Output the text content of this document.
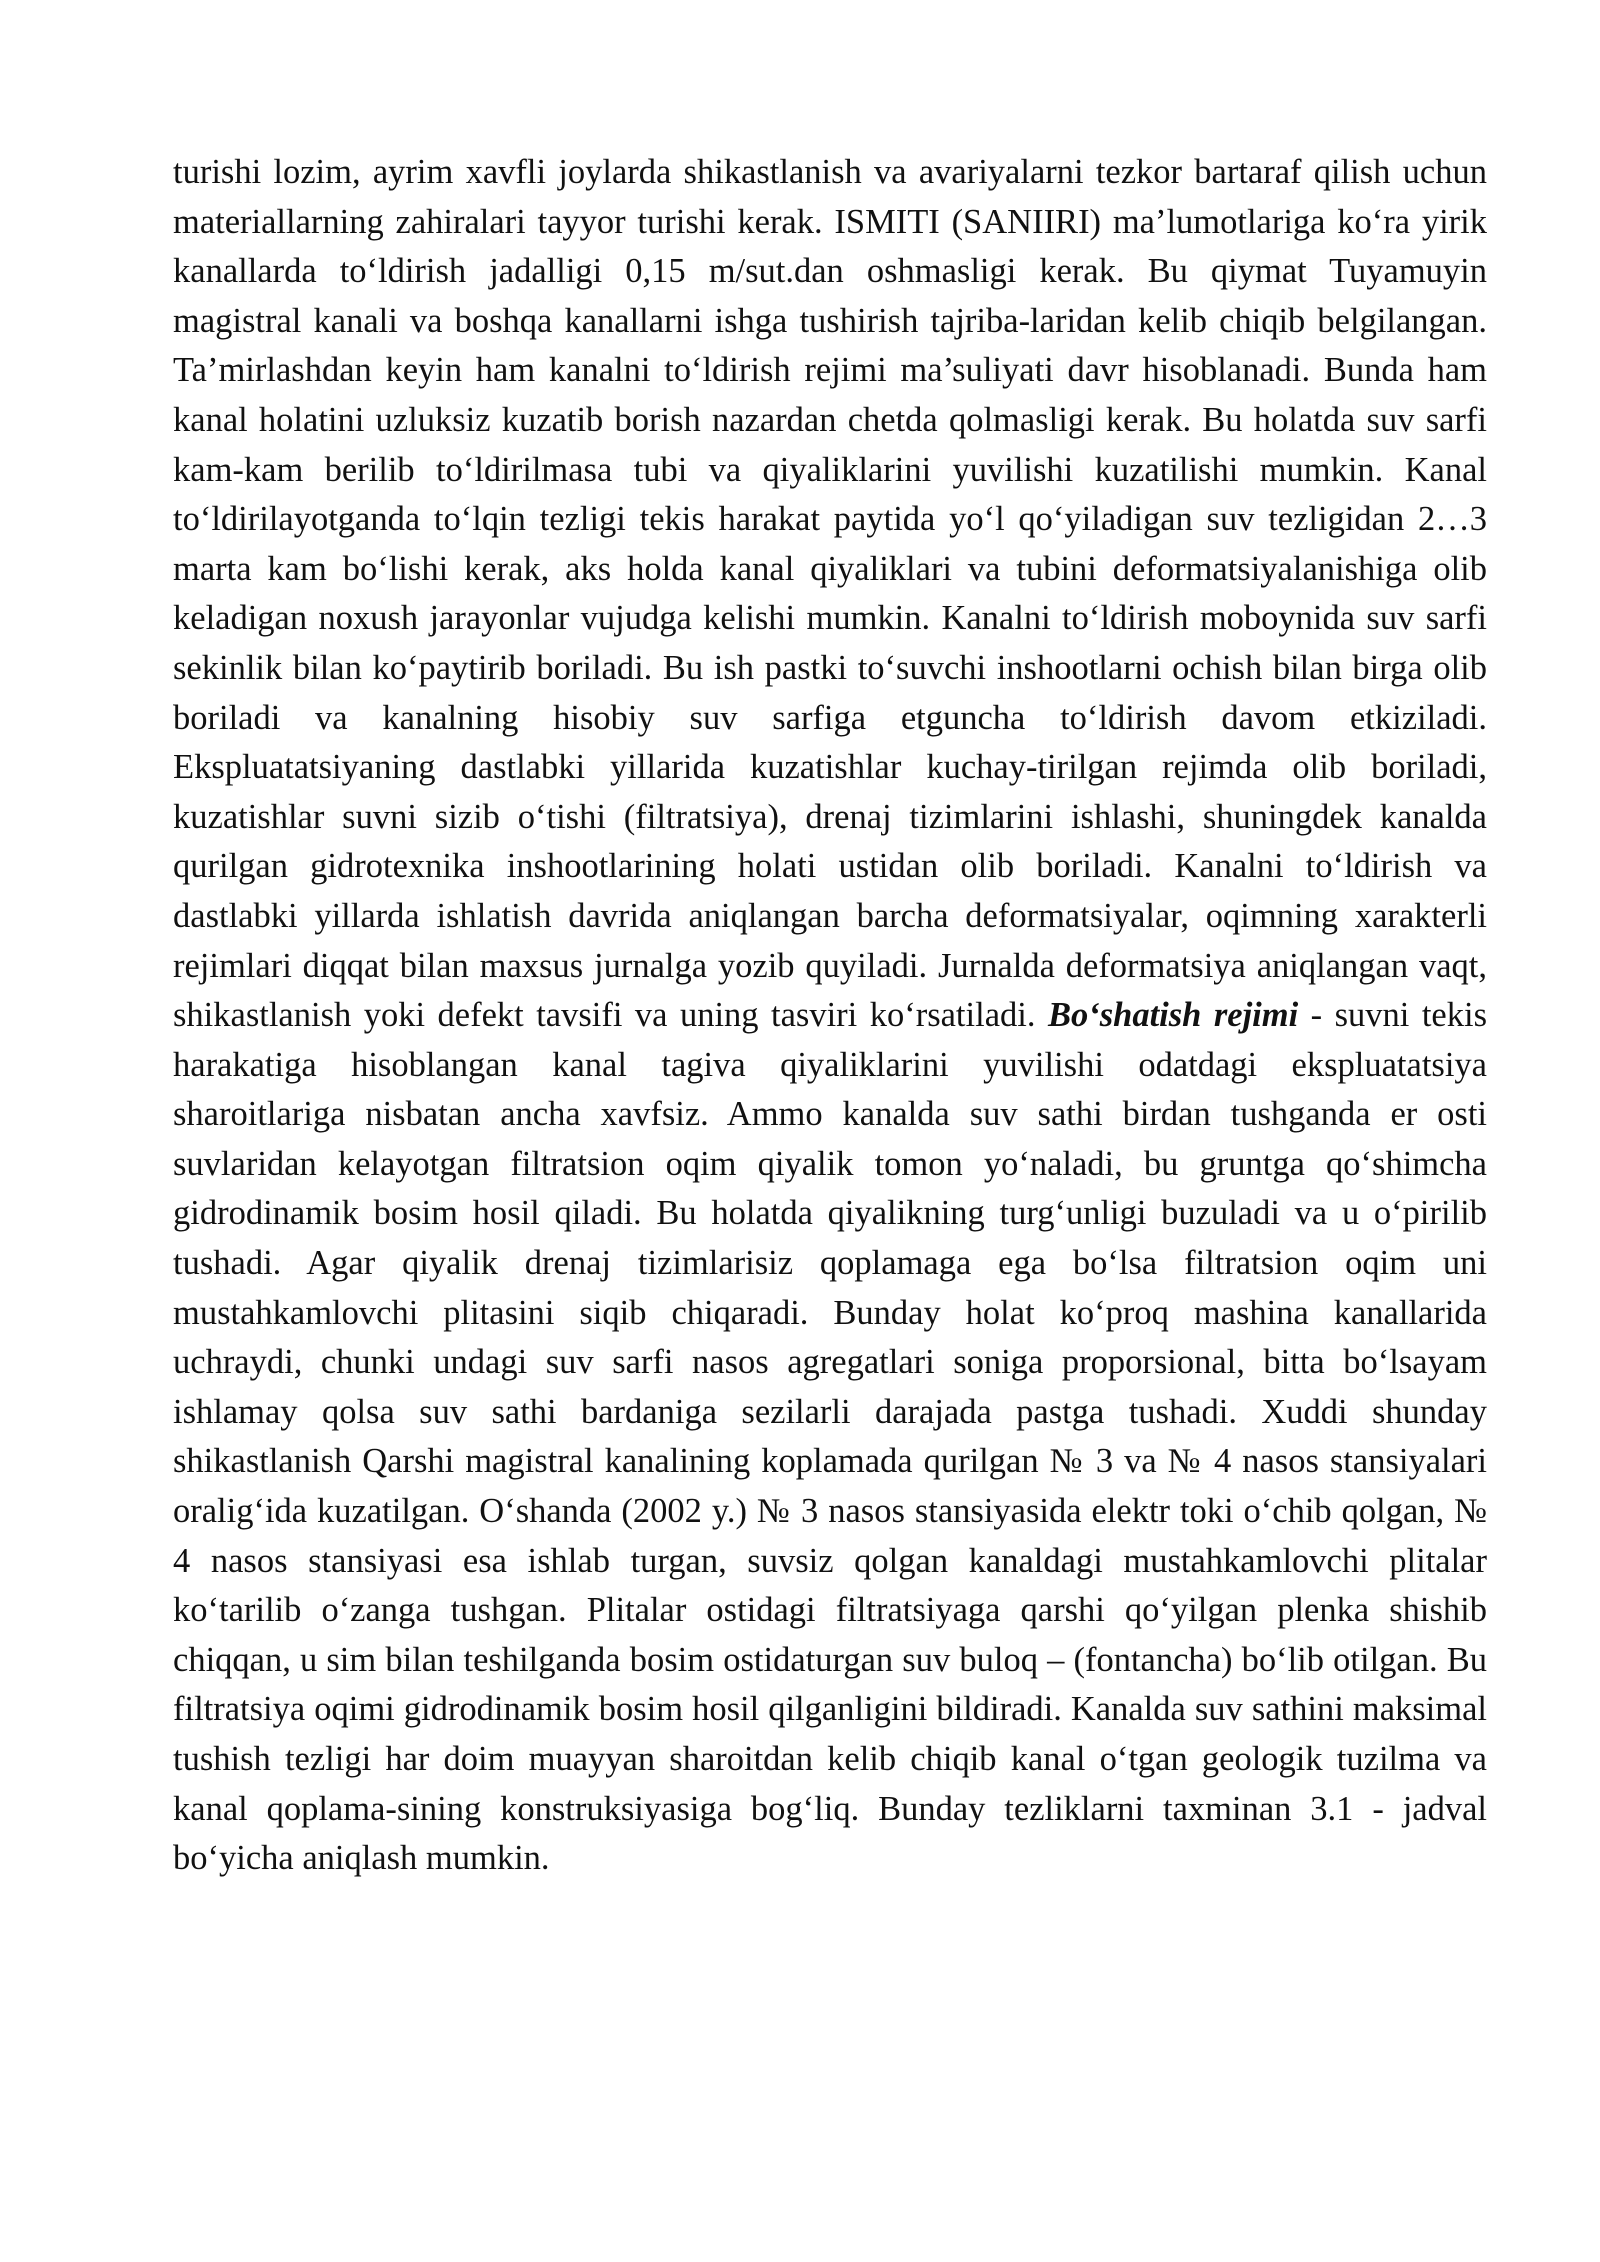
turishi lozim, ayrim xavfli joylarda shikastlanish va avariyalarni tezkor bartaraf qilish uchun materiallarning zahiralari tayyor turishi kerak. ISMITI (SANIIRI) ma’lumotlariga ko‘ra yirik kanallarda to‘ldirish jadalligi 0,15 m/sut.dan oshmasligi kerak. Bu qiymat Tuyamuyin magistral kanali va boshqa kanallarni ishga tushirish tajriba-laridan kelib chiqib belgilangan. Ta’mirlashdan keyin ham kanalni to‘ldirish rejimi ma’suliyati davr hisoblanadi. Bunda ham kanal holatini uzluksiz kuzatib borish nazardan chetda qolmasligi kerak. Bu holatda suv sarfi kam-kam berilib to‘ldirilmasa tubi va qiyaliklarini yuvilishi kuzatilishi mumkin. Kanal to‘ldirilayotganda to‘lqin tezligi tekis harakat paytida yo‘l qo‘yiladigan suv tezligidan 2…3 marta kam bo‘lishi kerak, aks holda kanal qiyaliklari va tubini deformatsiyalanishiga olib keladigan noxush jarayonlar vujudga kelishi mumkin. Kanalni to‘ldirish moboynida suv sarfi sekinlik bilan ko‘paytirib boriladi. Bu ish pastki to‘suvchi inshootlarni ochish bilan birga olib boriladi va kanalning hisobiy suv sarfiga etguncha to‘ldirish davom etkiziladi. Ekspluatatsiyaning dastlabki yillarida kuzatishlar kuchay-tirilgan rejimda olib boriladi, kuzatishlar suvni sizib o‘tishi (filtratsiya), drenaj tizimlarini ishlashi, shuningdek kanalda qurilgan gidrotexnika inshootlarining holati ustidan olib boriladi. Kanalni to‘ldirish va dastlabki yillarda ishlatish davrida aniqlangan barcha deformatsiyalar, oqimning xarakterli rejimlari diqqat bilan maxsus jurnalga yozib quyiladi. Jurnalda deformatsiya aniqlangan vaqt, shikastlanish yoki defekt tavsifi va uning tasviri ko‘rsatiladi. Bo‘shatish rejimi - suvni tekis harakatiga hisoblangan kanal tagiva qiyaliklarini yuvilishi odatdagi ekspluatatsiya sharoitlariga nisbatan ancha xavfsiz. Ammo kanalda suv sathi birdan tushganda er osti suvlaridan kelayotgan filtratsion oqim qiyalik tomon yo‘naladi, bu gruntga qo‘shimcha gidrodinamik bosim hosil qiladi. Bu holatda qiyalikning turg‘unligi buzuladi va u o‘pirilib tushadi. Agar qiyalik drenaj tizimlarisiz qoplamaga ega bo‘lsa filtratsion oqim uni mustahkamlovchi plitasini siqib chiqaradi. Bunday holat ko‘proq mashina kanallarida uchraydi, chunki undagi suv sarfi nasos agregatlari soniga proporsional, bitta bo‘lsayam ishlamay qolsa suv sathi bardaniga sezilarli darajada pastga tushadi. Xuddi shunday shikastlanish Qarshi magistral kanalining koplamada qurilgan № 3 va № 4 nasos stansiyalari oralig‘ida kuzatilgan. O‘shanda (2002 y.) № 3 nasos stansiyasida elektr toki o‘chib qolgan, № 4 nasos stansiyasi esa ishlab turgan, suvsiz qolgan kanaldagi mustahkamlovchi plitalar ko‘tarilib o‘zanga tushgan. Plitalar ostidagi filtratsiyaga qarshi qo‘yilgan plenka shishib chiqqan, u sim bilan teshilganda bosim ostidaturgan suv buloq – (fontancha) bo‘lib otilgan. Bu filtratsiya oqimi gidrodinamik bosim hosil qilganligini bildiradi. Kanalda suv sathini maksimal tushish tezligi har doim muayyan sharoitdan kelib chiqib kanal o‘tgan geologik tuzilma va kanal qoplama-sining konstruksiyasiga bog‘liq. Bunday tezliklarni taxminan 3.1 - jadval bo‘yicha aniqlash mumkin.
